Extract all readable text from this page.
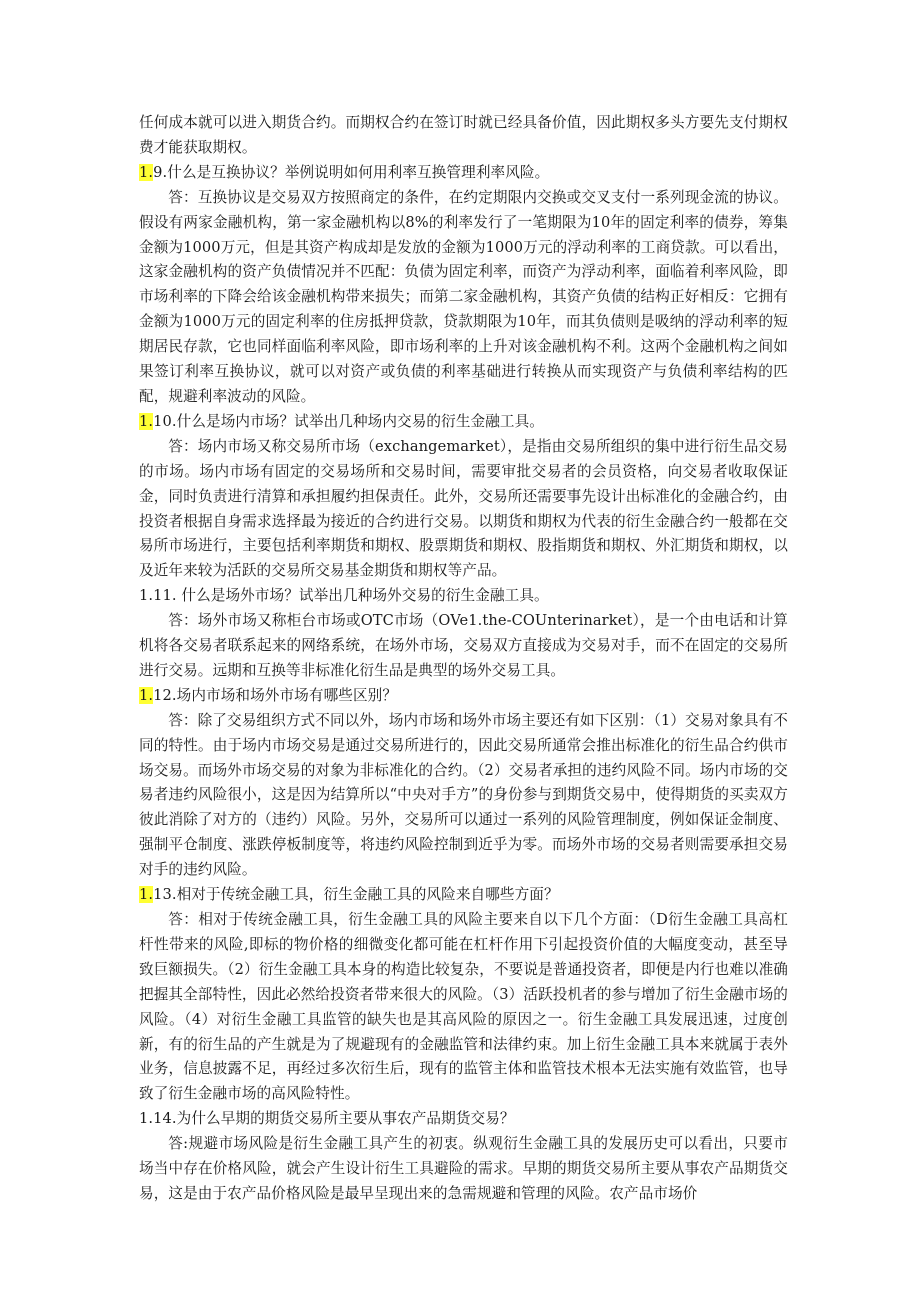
任何成本就可以进入期货合约。而期权合约在签订时就已经具备价值，因此期权多头方要先支付期权费才能获取期权。

1.9.什么是互换协议？举例说明如何用利率互换管理利率风险。

答：互换协议是交易双方按照商定的条件，在约定期限内交换或交叉支付一系列现金流的协议。假设有两家金融机构，第一家金融机构以8%的利率发行了一笔期限为10年的固定利率的债券，筹集金额为1000万元，但是其资产构成却是发放的金额为1000万元的浮动利率的工商贷款。可以看出，这家金融机构的资产负债情况并不匹配：负债为固定利率，而资产为浮动利率，面临着利率风险，即市场利率的下降会给该金融机构带来损失；而第二家金融机构，其资产负债的结构正好相反：它拥有金额为1000万元的固定利率的住房抵押贷款，贷款期限为10年，而其负债则是吸纳的浮动利率的短期居民存款，它也同样面临利率风险，即市场利率的上升对该金融机构不利。这两个金融机构之间如果签订利率互换协议，就可以对资产或负债的利率基础进行转换从而实现资产与负债利率结构的匹配，规避利率波动的风险。

1.10.什么是场内市场？试举出几种场内交易的衍生金融工具。

答：场内市场又称交易所市场（exchangemarket），是指由交易所组织的集中进行衍生品交易的市场。场内市场有固定的交易场所和交易时间，需要审批交易者的会员资格，向交易者收取保证金，同时负责进行清算和承担履约担保责任。此外，交易所还需要事先设计出标准化的金融合约，由投资者根据自身需求选择最为接近的合约进行交易。以期货和期权为代表的衍生金融合约一般都在交易所市场进行，主要包括利率期货和期权、股票期货和期权、股指期货和期权、外汇期货和期权，以及近年来较为活跃的交易所交易基金期货和期权等产品。

1.11. 什么是场外市场？试举出几种场外交易的衍生金融工具。

答：场外市场又称柜台市场或OTC市场（OVe1.the-COUnterinarket），是一个由电话和计算机将各交易者联系起来的网络系统，在场外市场，交易双方直接成为交易对手，而不在固定的交易所进行交易。远期和互换等非标准化衍生品是典型的场外交易工具。

1.12.场内市场和场外市场有哪些区别？

答：除了交易组织方式不同以外，场内市场和场外市场主要还有如下区别：（1）交易对象具有不同的特性。由于场内市场交易是通过交易所进行的，因此交易所通常会推出标准化的衍生品合约供市场交易。而场外市场交易的对象为非标准化的合约。（2）交易者承担的违约风险不同。场内市场的交易者违约风险很小，这是因为结算所以“中央对手方”的身份参与到期货交易中，使得期货的买卖双方彼此消除了对方的（违约）风险。另外，交易所可以通过一系列的风险管理制度，例如保证金制度、强制平仓制度、涨跌停板制度等，将违约风险控制到近乎为零。而场外市场的交易者则需要承担交易对手的违约风险。

1.13.相对于传统金融工具，衍生金融工具的风险来自哪些方面？

答：相对于传统金融工具，衍生金融工具的风险主要来自以下几个方面：（D衍生金融工具高杠杆性带来的风险,即标的物价格的细微变化都可能在杠杆作用下引起投资价值的大幅度变动，甚至导致巨额损失。（2）衍生金融工具本身的构造比较复杂，不要说是普通投资者，即便是内行也难以准确把握其全部特性，因此必然给投资者带来很大的风险。（3）活跃投机者的参与增加了衍生金融市场的风险。（4）对衍生金融工具监管的缺失也是其高风险的原因之一。衍生金融工具发展迅速，过度创新，有的衍生品的产生就是为了规避现有的金融监管和法律约束。加上衍生金融工具本来就属于表外业务，信息披露不足，再经过多次衍生后，现有的监管主体和监管技术根本无法实施有效监管，也导致了衍生金融市场的高风险特性。

1.14.为什么早期的期货交易所主要从事农产品期货交易？

答:规避市场风险是衍生金融工具产生的初衷。纵观衍生金融工具的发展历史可以看出，只要市场当中存在价格风险，就会产生设计衍生工具避险的需求。早期的期货交易所主要从事农产品期货交易，这是由于农产品价格风险是最早呈现出来的急需规避和管理的风险。农产品市场价
